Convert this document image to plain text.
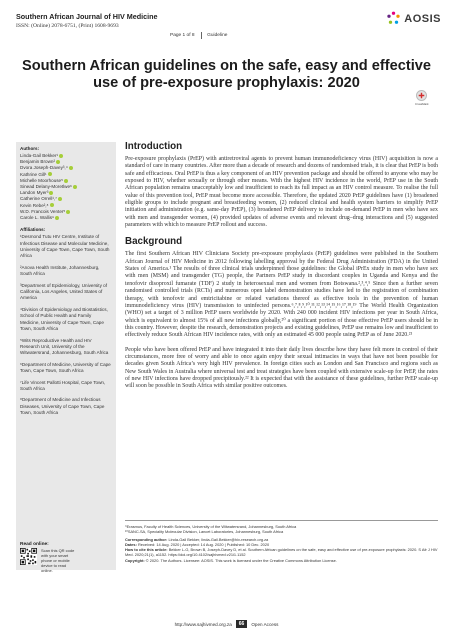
Southern African Journal of HIV Medicine
ISSN: (Online) 2078-6751, (Print) 1608-9693
AOSIS
Page 1 of 8	Guideline
Southern African guidelines on the safe, easy and effective use of pre-exposure prophylaxis: 2020
CrossMark
Authors:
Linda-Gail Bekker¹
Benjamin Brown²
Dvora Joseph-Davey³,⁴
Kathrine Gill¹
Michelle Moorhouse⁵
Sinead Delany-Moretlwe⁶
Landon Myer³
Catherine Orrell¹,⁷
Kevin Rebe²,⁸
W.D. Francois Venter⁵
Carole L. Wallis⁹
Affiliations:
¹Desmond Tutu HIV Centre, Institute of Infectious Disease and Molecular Medicine, University of Cape Town, Cape Town, South Africa
²Anova Health Institute, Johannesburg, South Africa
³Department of Epidemiology, University of California, Los Angeles, United States of America
⁴Division of Epidemiology and Biostatistics, School of Public Health and Family Medicine, University of Cape Town, Cape Town, South Africa
⁵Wits Reproductive Health and HIV Research Unit, University of the Witwatersrand, Johannesburg, South Africa
⁶Department of Medicine, University of Cape Town, Cape Town, South Africa
⁷Life Vincent Pallotti Hospital, Cape Town, South Africa
⁸Department of Medicine and Infectious Diseases, University of Cape Town, Cape Town, South Africa
Read online:
Scan this QR code with your smart phone or mobile device to read online.
Introduction

Pre-exposure prophylaxis (PrEP) with antiretroviral agents to prevent human immunodeficiency virus (HIV) acquisition is now a standard of care in many countries. After more than a decade of research and dozens of randomised trials, it is clear that PrEP is both safe and efficacious. Oral PrEP is thus a key component of an HIV prevention package and should be offered to anyone who may be exposed to HIV, whether sexually or through other means. With the highest HIV incidence in the world, PrEP use in the South African population remains unacceptably low and insufficient to reach its full impact as an HIV control measure. To realise the full value of this prevention tool, PrEP must become more accessible. Therefore, the updated 2020 PrEP guidelines have (1) broadened eligible groups to include pregnant and breastfeeding women, (2) reduced clinical and health system barriers to simplify PrEP initiation and administration (e.g. same-day PrEP), (3) broadened PrEP delivery to include on-demand PrEP in men who have sex with men and transgender women, (4) provided updates of adverse events and relevant drug–drug interactions and (5) suggested parameters with which to measure PrEP rollout and success.

Background

The first Southern African HIV Clinicians Society pre-exposure prophylaxis (PrEP) guidelines were published in the Southern African Journal of HIV Medicine in 2012 following labelling approval by the Federal Drug Administration (FDA) in the United States of America.¹ The results of three clinical trials underpinned those guidelines: the Global iPrEx study in men who have sex with men (MSM) and transgender (TG) people, the Partners PrEP study in discordant couples in Uganda and Kenya and the tenofovir disoproxil fumarate (TDF) 2 study in heterosexual men and women from Botswana.²,³,⁴,⁵ Since then a further seven randomised controlled trials (RCTs) and numerous open label demonstration studies have led to the registration of combination therapy, with tenofovir and emtricitabine or related variations thereof as effective tools in the prevention of human immunodeficiency virus (HIV) transmission to uninfected persons.⁶,⁷,⁸,⁹,¹⁰,¹¹,¹²,¹³,¹⁴,¹⁵,¹⁶,¹⁷,¹⁸,¹⁹ The World Health Organization (WHO) set a target of 3 million PrEP users worldwide by 2020. With 240 000 incident HIV infections per year in South Africa, which is equivalent to almost 15% of all new infections globally,²⁰ a significant portion of those effective PrEP users should be in this country. However, despite the research, demonstration projects and existing guidelines, PrEP use remains low and insufficient to effectively reduce South African HIV incidence rates, with only an estimated 45 000 people using PrEP as of June 2020.²¹

People who have been offered PrEP and have integrated it into their daily lives describe how they have felt more in control of their circumstances, more free of worry and able to once again enjoy their sexual intimacies in ways that have not been possible for decades given South Africa’s very high HIV prevalence. In foreign cities such as London and San Francisco and regions such as New South Wales in Australia where universal test and treat strategies have been coupled with extensive scale-up for PrEP, the rates of new HIV infections have dropped precipitously.²² It is expected that with the assistance of these guidelines, further PrEP scale-up will soon be possible in South Africa with similar positive outcomes.

⁹Erasmus, Faculty of Health Sciences, University of the Witwatersrand, Johannesburg, South Africa
¹⁰SANC-SA, Speciality Molecular Division, Lancet Laboratories, Johannesburg, South Africa
Corresponding author: Linda-Gail Bekker, linda-Gail.Bekker@hiv-research.org.za
Dates: Received: 14 Aug. 2020 | Accepted: 14 Aug. 2020 | Published: 10 Dec. 2020
How to cite this article: Bekker L-G, Brown B, Joseph-Davey D, et al. Southern African guidelines on the safe, easy and effective use of pre-exposure prophylaxis: 2020. S Afr J HIV Med. 2020;21(1), a1152. https://doi.org/10.4102/sajhivmed.v21i1.1152
Copyright: © 2020. The Authors. Licensee: AOSIS. This work is licensed under the Creative Commons Attribution License.
http://www.sajhivmed.org.za	66	Open Access
